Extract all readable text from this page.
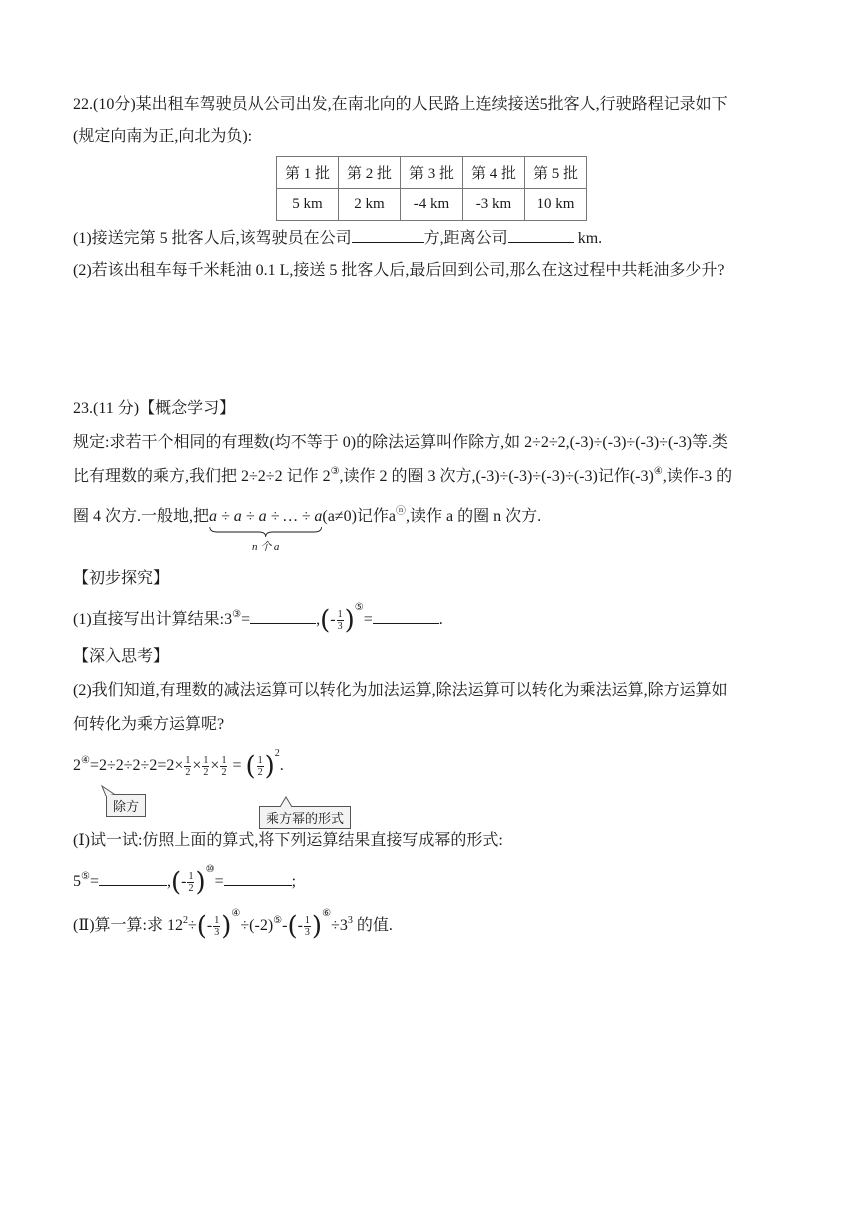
22.(10分)某出租车驾驶员从公司出发,在南北向的人民路上连续接送5批客人,行驶路程记录如下
(规定向南为正,向北为负):
第 1 批	第 2 批	第 3 批	第 4 批	第 5 批
5 km	2 km	-4 km	-3 km	10 km
(1)接送完第 5 批客人后,该驾驶员在公司	方,距离公司	km.
(2)若该出租车每千米耗油 0.1 L,接送 5 批客人后,最后回到公司,那么在这过程中共耗油多少升?
23.(11 分)【概念学习】
规定:求若干个相同的有理数(均不等于 0)的除法运算叫作除方,如 2÷2÷2,(-3)÷(-3)÷(-3)÷(-3)等.类
比有理数的乘方,我们把 2÷2÷2 记作 2③,读作 2 的圈 3 次方,(-3)÷(-3)÷(-3)÷(-3)记作(-3)④,读作-3 的
圈 4 次方.一般地,把a ÷ a ÷ a ÷ … ÷ a
n 个 a
(a≠0)记作aⓝ,读作 a 的圈 n 次方.
【初步探究】
(1)直接写出计算结果:3③=	,(- $\frac{1}{3} )^⑤=$	.
【深入思考】
(2)我们知道,有理数的减法运算可以转化为加法运算,除法运算可以转化为乘法运算,除方运算如
何转化为乘方运算呢?
$2^④=2\div 2\div 2\div 2=2\times \frac{1}{2} \times \frac{1}{2} \times \frac{1}{2}$ = ( $\frac{1}{2} )^2$.
除方
乘方幂的形式
(Ⅰ)试一试:仿照上面的算式,将下列运算结果直接写成幂的形式:
5⑤=	,(- $\frac{1}{2} )^⑩=$	;
(Ⅱ)算一算:求 $12^2\div(- \frac{1}{3} )^④\div(-2)^⑤-(- \frac{1}{3} )^⑥\div 3^3$ 的值.
